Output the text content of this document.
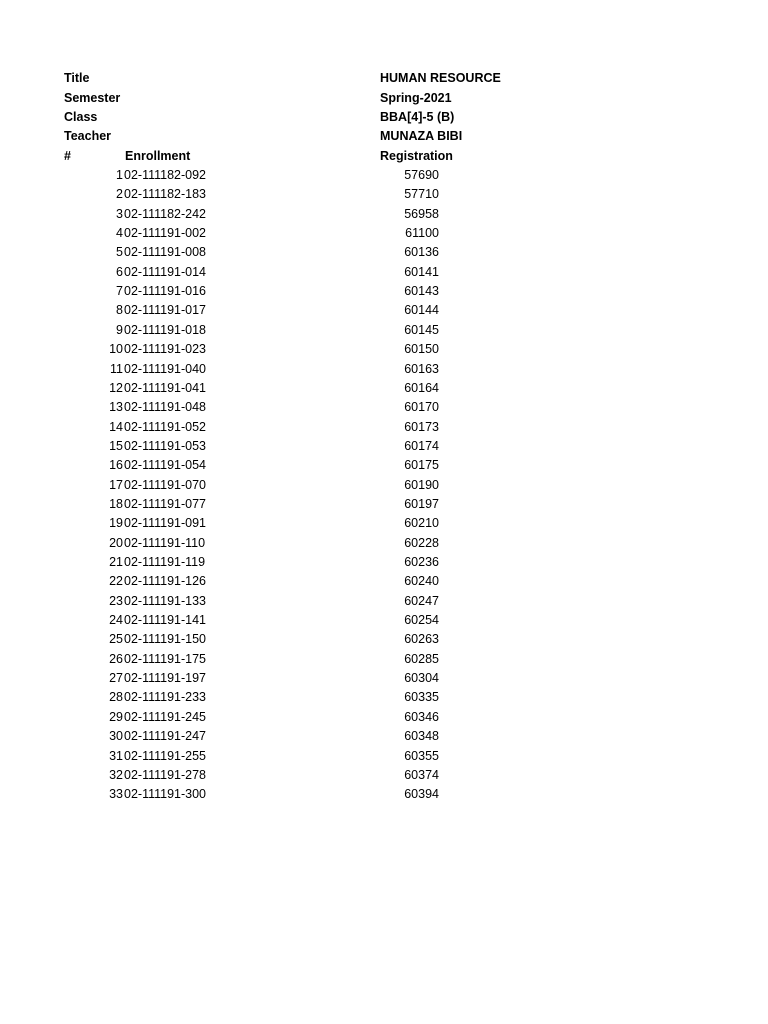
Title	HUMAN RESOURCE
Semester	Spring-2021
Class	BBA[4]-5 (B)
Teacher	MUNAZA BIBI
#	Enrollment	Registration
1 02-111182-092	57690
2 02-111182-183	57710
3 02-111182-242	56958
4 02-111191-002	61100
5 02-111191-008	60136
6 02-111191-014	60141
7 02-111191-016	60143
8 02-111191-017	60144
9 02-111191-018	60145
10 02-111191-023	60150
11 02-111191-040	60163
12 02-111191-041	60164
13 02-111191-048	60170
14 02-111191-052	60173
15 02-111191-053	60174
16 02-111191-054	60175
17 02-111191-070	60190
18 02-111191-077	60197
19 02-111191-091	60210
20 02-111191-110	60228
21 02-111191-119	60236
22 02-111191-126	60240
23 02-111191-133	60247
24 02-111191-141	60254
25 02-111191-150	60263
26 02-111191-175	60285
27 02-111191-197	60304
28 02-111191-233	60335
29 02-111191-245	60346
30 02-111191-247	60348
31 02-111191-255	60355
32 02-111191-278	60374
33 02-111191-300	60394
